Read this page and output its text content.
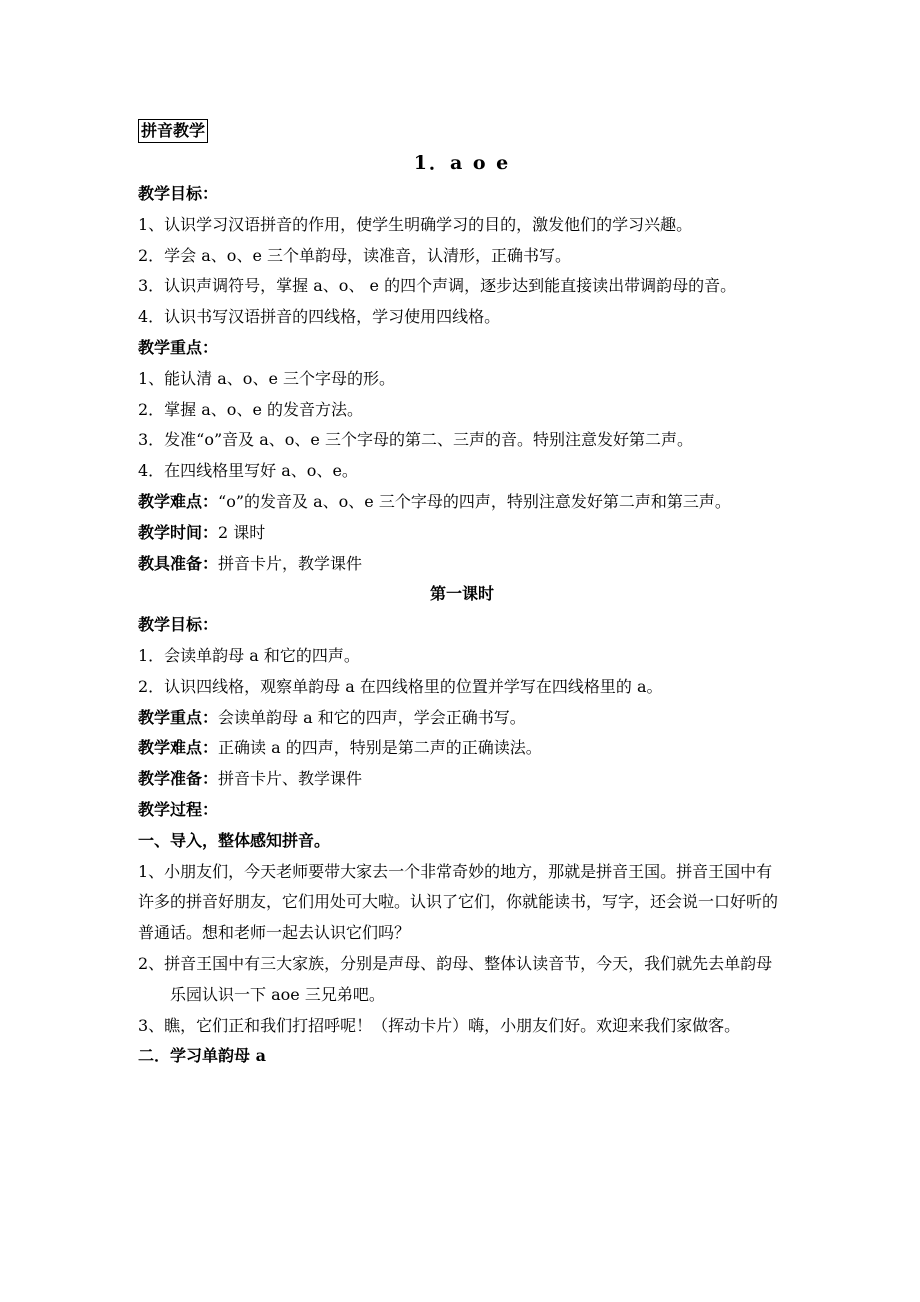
拼音教学

1．a o e

教学目标：

1、认识学习汉语拼音的作用，使学生明确学习的目的，激发他们的学习兴趣。

2．学会 a、o、e 三个单韵母，读准音，认清形，正确书写。

3．认识声调符号，掌握 a、o、 e 的四个声调，逐步达到能直接读出带调韵母的音。

4．认识书写汉语拼音的四线格，学习使用四线格。

教学重点：

1、能认清 a、o、e 三个字母的形。

2．掌握 a、o、e 的发音方法。

3．发准“o”音及 a、o、e 三个字母的第二、三声的音。特别注意发好第二声。

4．在四线格里写好 a、o、e。

教学难点：“o”的发音及 a、o、e 三个字母的四声，特别注意发好第二声和第三声。

教学时间：2 课时

教具准备：拼音卡片，教学课件

第一课时

教学目标：

1．会读单韵母 a 和它的四声。

2．认识四线格，观察单韵母 a 在四线格里的位置并学写在四线格里的 a。

教学重点：会读单韵母 a 和它的四声，学会正确书写。

教学难点：正确读 a 的四声，特别是第二声的正确读法。

教学准备：拼音卡片、教学课件

教学过程：

一、导入，整体感知拼音。

1、小朋友们，今天老师要带大家去一个非常奇妙的地方，那就是拼音王国。拼音王国中有许多的拼音好朋友，它们用处可大啦。认识了它们，你就能读书，写字，还会说一口好听的普通话。想和老师一起去认识它们吗？

2、拼音王国中有三大家族，分别是声母、韵母、整体认读音节，今天，我们就先去单韵母乐园认识一下 aoe 三兄弟吧。

3、瞧，它们正和我们打招呼呢！（挥动卡片）嗨，小朋友们好。欢迎来我们家做客。

二．学习单韵母 a
